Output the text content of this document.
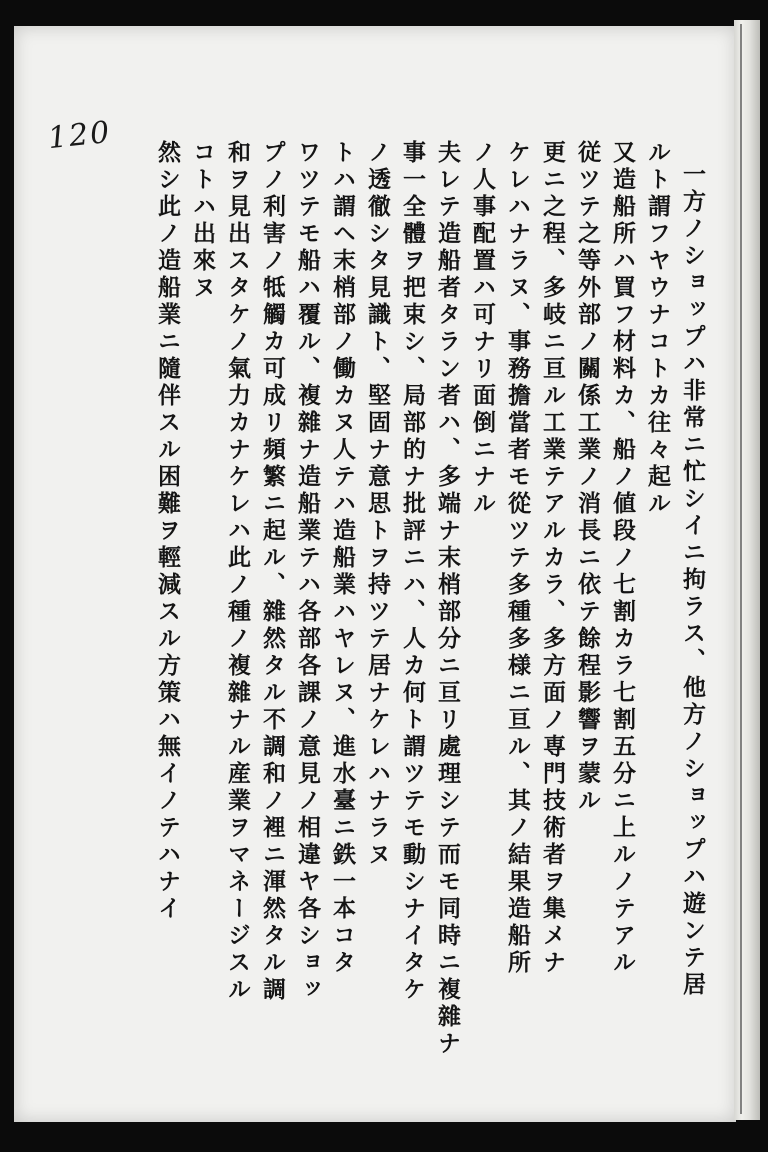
120
一方ノショップハ非常ニ忙シイニ拘ラス、他方ノショップハ遊ンテ居
ルト謂フヤウナコトカ往々起ル
又造船所ハ買フ材料カ、船ノ値段ノ七割カラ七割五分ニ上ルノテアル
従ツテ之等外部ノ關係工業ノ消長ニ依テ餘程影響ヲ蒙ル
更ニ之程、多岐ニ亘ル工業テアルカラ、多方面ノ専門技術者ヲ集メナ
ケレハナラヌ、事務擔當者モ從ツテ多種多様ニ亘ル、其ノ結果造船所
ノ人事配置ハ可ナリ面倒ニナル
夫レテ造船者タラン者ハ、多端ナ末梢部分ニ亘リ處理シテ而モ同時ニ複雜ナ
事一全體ヲ把束シ、局部的ナ批評ニハ、人カ何ト謂ツテモ動シナイタケ
ノ透徹シタ見識ト、堅固ナ意思トヲ持ツテ居ナケレハナラヌ
トハ謂ヘ末梢部ノ働カヌ人テハ造船業ハヤレヌ、進水臺ニ鉄一本コタ
ワツテモ船ハ覆ル、複雜ナ造船業テハ各部各課ノ意見ノ相違ヤ各ショッ
プノ利害ノ牴觸カ可成リ頻繁ニ起ル、雜然タル不調和ノ裡ニ渾然タル調
和ヲ見出スタケノ氣力カナケレハ此ノ種ノ複雜ナル産業ヲマネージスル
コトハ出來ヌ
然シ此ノ造船業ニ隨伴スル困難ヲ輕減スル方策ハ無イノテハナイ
